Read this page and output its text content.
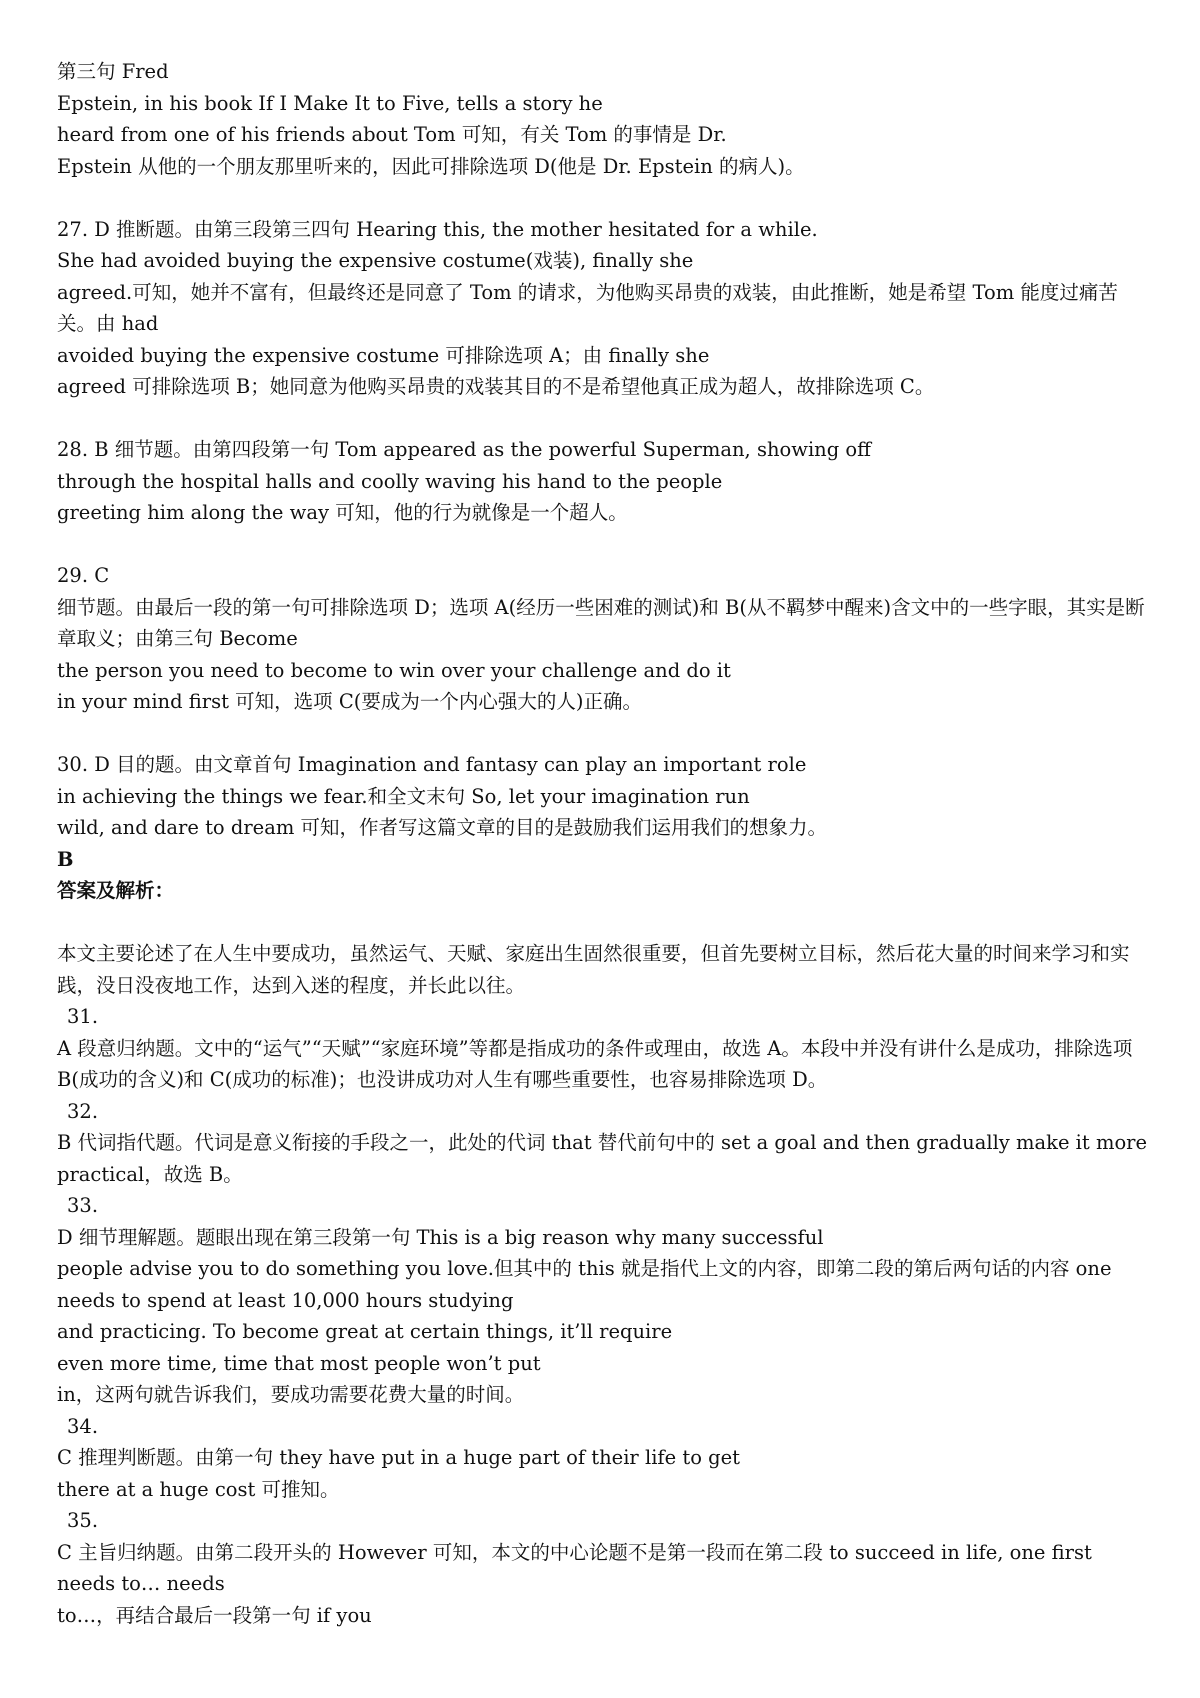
第三句 Fred
Epstein, in his book If I Make It to Five, tells a story he
heard from one of his friends about Tom 可知，有关 Tom 的事情是 Dr.
Epstein 从他的一个朋友那里听来的，因此可排除选项 D(他是 Dr. Epstein 的病人)。
27. D 推断题。由第三段第三四句 Hearing this, the mother hesitated for a while.
She had avoided buying the expensive costume(戏装), finally she
agreed.可知，她并不富有，但最终还是同意了 Tom 的请求，为他购买昂贵的戏装，由此推断，她是希望 Tom 能度过痛苦关。由 had
avoided buying the expensive costume 可排除选项 A；由 finally she
agreed 可排除选项 B；她同意为他购买昂贵的戏装其目的不是希望他真正成为超人，故排除选项 C。
28. B 细节题。由第四段第一句 Tom appeared as the powerful Superman, showing off
through the hospital halls and coolly waving his hand to the people
greeting him along the way 可知，他的行为就像是一个超人。
29. C
细节题。由最后一段的第一句可排除选项 D；选项 A(经历一些困难的测试)和 B(从不羁梦中醒来)含文中的一些字眼，其实是断章取义；由第三句 Become
the person you need to become to win over your challenge and do it
in your mind first 可知，选项 C(要成为一个内心强大的人)正确。
30. D 目的题。由文章首句 Imagination and fantasy can play an important role
in achieving the things we fear.和全文末句 So, let your imagination run
wild, and dare to dream 可知，作者写这篇文章的目的是鼓励我们运用我们的想象力。
B
答案及解析：
本文主要论述了在人生中要成功，虽然运气、天赋、家庭出生固然很重要，但首先要树立目标，然后花大量的时间来学习和实践，没日没夜地工作，达到入迷的程度，并长此以往。
31.
A 段意归纳题。文中的“运气”“天赋”“家庭环境”等都是指成功的条件或理由，故选 A。本段中并没有讲什么是成功，排除选项 B(成功的含义)和 C(成功的标准)；也没讲成功对人生有哪些重要性，也容易排除选项 D。
32.
B 代词指代题。代词是意义衔接的手段之一，此处的代词 that 替代前句中的 set a goal and then gradually make it more practical，故选 B。
33.
D 细节理解题。题眼出现在第三段第一句 This is a big reason why many successful
people advise you to do something you love.但其中的 this 就是指代上文的内容，即第二段的第后两句话的内容 one needs to spend at least 10,000 hours studying
and practicing. To become great at certain things, it’ll require
even more time, time that most people won’t put
in，这两句就告诉我们，要成功需要花费大量的时间。
34.
C 推理判断题。由第一句 they have put in a huge part of their life to get
there at a huge cost 可推知。
35.
C 主旨归纳题。由第二段开头的 However 可知，本文的中心论题不是第一段而在第二段 to succeed in life, one first needs to… needs
to…，再结合最后一段第一句 if you
